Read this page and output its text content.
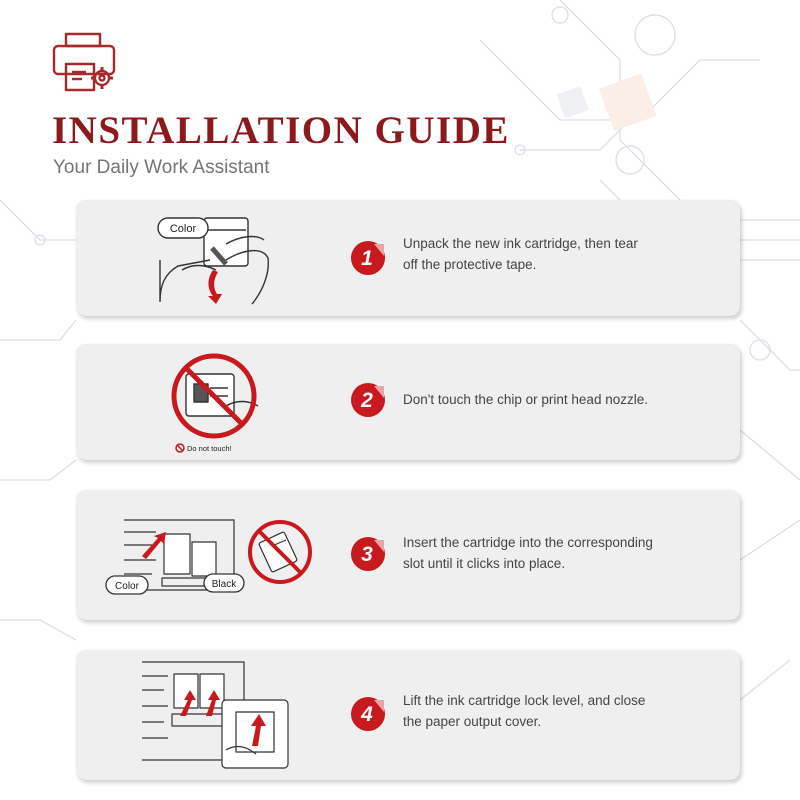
INSTALLATION GUIDE
Your Daily Work Assistant
Color
1
Unpack the new ink cartridge, then tear
off the protective tape.
Do not touch!
2 Don't touch the chip or print head nozzle.
Color	Black
3
Insert the cartridge into the corresponding
slot until it clicks into place.
4
Lift the ink cartridge lock level, and close
the paper output cover.
